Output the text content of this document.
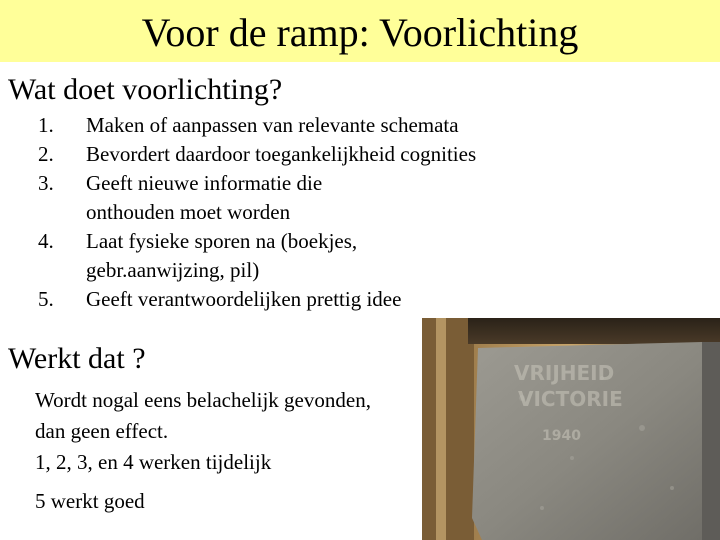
Voor de ramp: Voorlichting
Wat doet voorlichting?
1.	Maken of aanpassen van relevante schemata
2.	Bevordert daardoor toegankelijkheid cognities
3.	Geeft nieuwe informatie die onthouden moet worden
4.	Laat fysieke sporen na (boekjes, gebr.aanwijzing, pil)
5.	Geeft verantwoordelijken prettig idee
Werkt dat ?
Wordt nogal eens belachelijk gevonden, dan geen effect.
1, 2, 3, en 4 werken tijdelijk
5 werkt goed
VRIJHEID
VICTORIE
1940
